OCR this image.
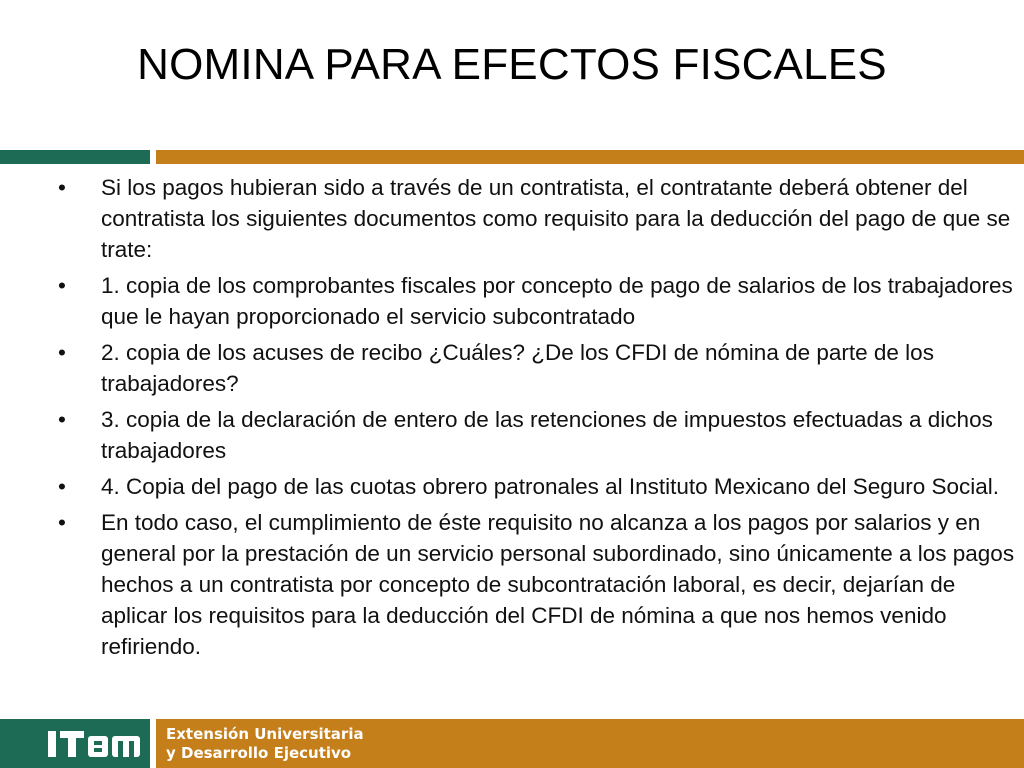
NOMINA PARA EFECTOS FISCALES
•	Si los pagos hubieran sido a través de un contratista, el contratante deberá obtener del contratista los siguientes documentos como requisito para la deducción del pago de que se trate:
•	1. copia de los comprobantes fiscales por concepto de pago de salarios de los trabajadores que le hayan proporcionado el servicio subcontratado
•	2. copia de los acuses de recibo ¿Cuáles? ¿De los CFDI de nómina de parte de los trabajadores?
•	3. copia de la declaración de entero de las retenciones de impuestos efectuadas a dichos trabajadores
•	4. Copia del pago de las cuotas obrero patronales al Instituto Mexicano del Seguro Social.
•	En todo caso, el cumplimiento de éste requisito no alcanza a los pagos por salarios y en general por la prestación de un servicio personal subordinado, sino únicamente a los pagos hechos a un contratista por concepto de subcontratación laboral, es decir, dejarían de aplicar los requisitos para la deducción del CFDI de nómina a que nos hemos venido refiriendo.
Extensión Universitaria
y Desarrollo Ejecutivo
